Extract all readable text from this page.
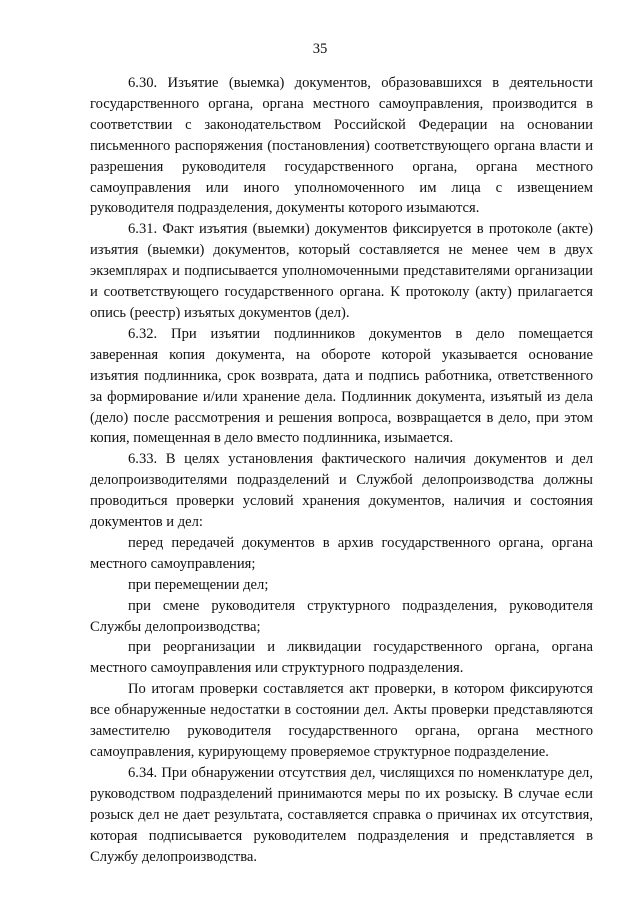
35

6.30. Изъятие (выемка) документов, образовавшихся в деятельности государственного органа, органа местного самоуправления, производится в соответствии с законодательством Российской Федерации на основании письменного распоряжения (постановления) соответствующего органа власти и разрешения руководителя государственного органа, органа местного самоуправления или иного уполномоченного им лица с извещением руководителя подразделения, документы которого изымаются.

6.31. Факт изъятия (выемки) документов фиксируется в протоколе (акте) изъятия (выемки) документов, который составляется не менее чем в двух экземплярах и подписывается уполномоченными представителями организации и соответствующего государственного органа. К протоколу (акту) прилагается опись (реестр) изъятых документов (дел).

6.32. При изъятии подлинников документов в дело помещается заверенная копия документа, на обороте которой указывается основание изъятия подлинника, срок возврата, дата и подпись работника, ответственного за формирование и/или хранение дела. Подлинник документа, изъятый из дела (дело) после рассмотрения и решения вопроса, возвращается в дело, при этом копия, помещенная в дело вместо подлинника, изымается.

6.33. В целях установления фактического наличия документов и дел делопроизводителями подразделений и Службой делопроизводства должны проводиться проверки условий хранения документов, наличия и состояния документов и дел:

перед передачей документов в архив государственного органа, органа местного самоуправления;

при перемещении дел;

при смене руководителя структурного подразделения, руководителя Службы делопроизводства;

при реорганизации и ликвидации государственного органа, органа местного самоуправления или структурного подразделения.

По итогам проверки составляется акт проверки, в котором фиксируются все обнаруженные недостатки в состоянии дел. Акты проверки представляются заместителю руководителя государственного органа, органа местного самоуправления, курирующему проверяемое структурное подразделение.

6.34. При обнаружении отсутствия дел, числящихся по номенклатуре дел, руководством подразделений принимаются меры по их розыску. В случае если розыск дел не дает результата, составляется справка о причинах их отсутствия, которая подписывается руководителем подразделения и представляется в Службу делопроизводства.
